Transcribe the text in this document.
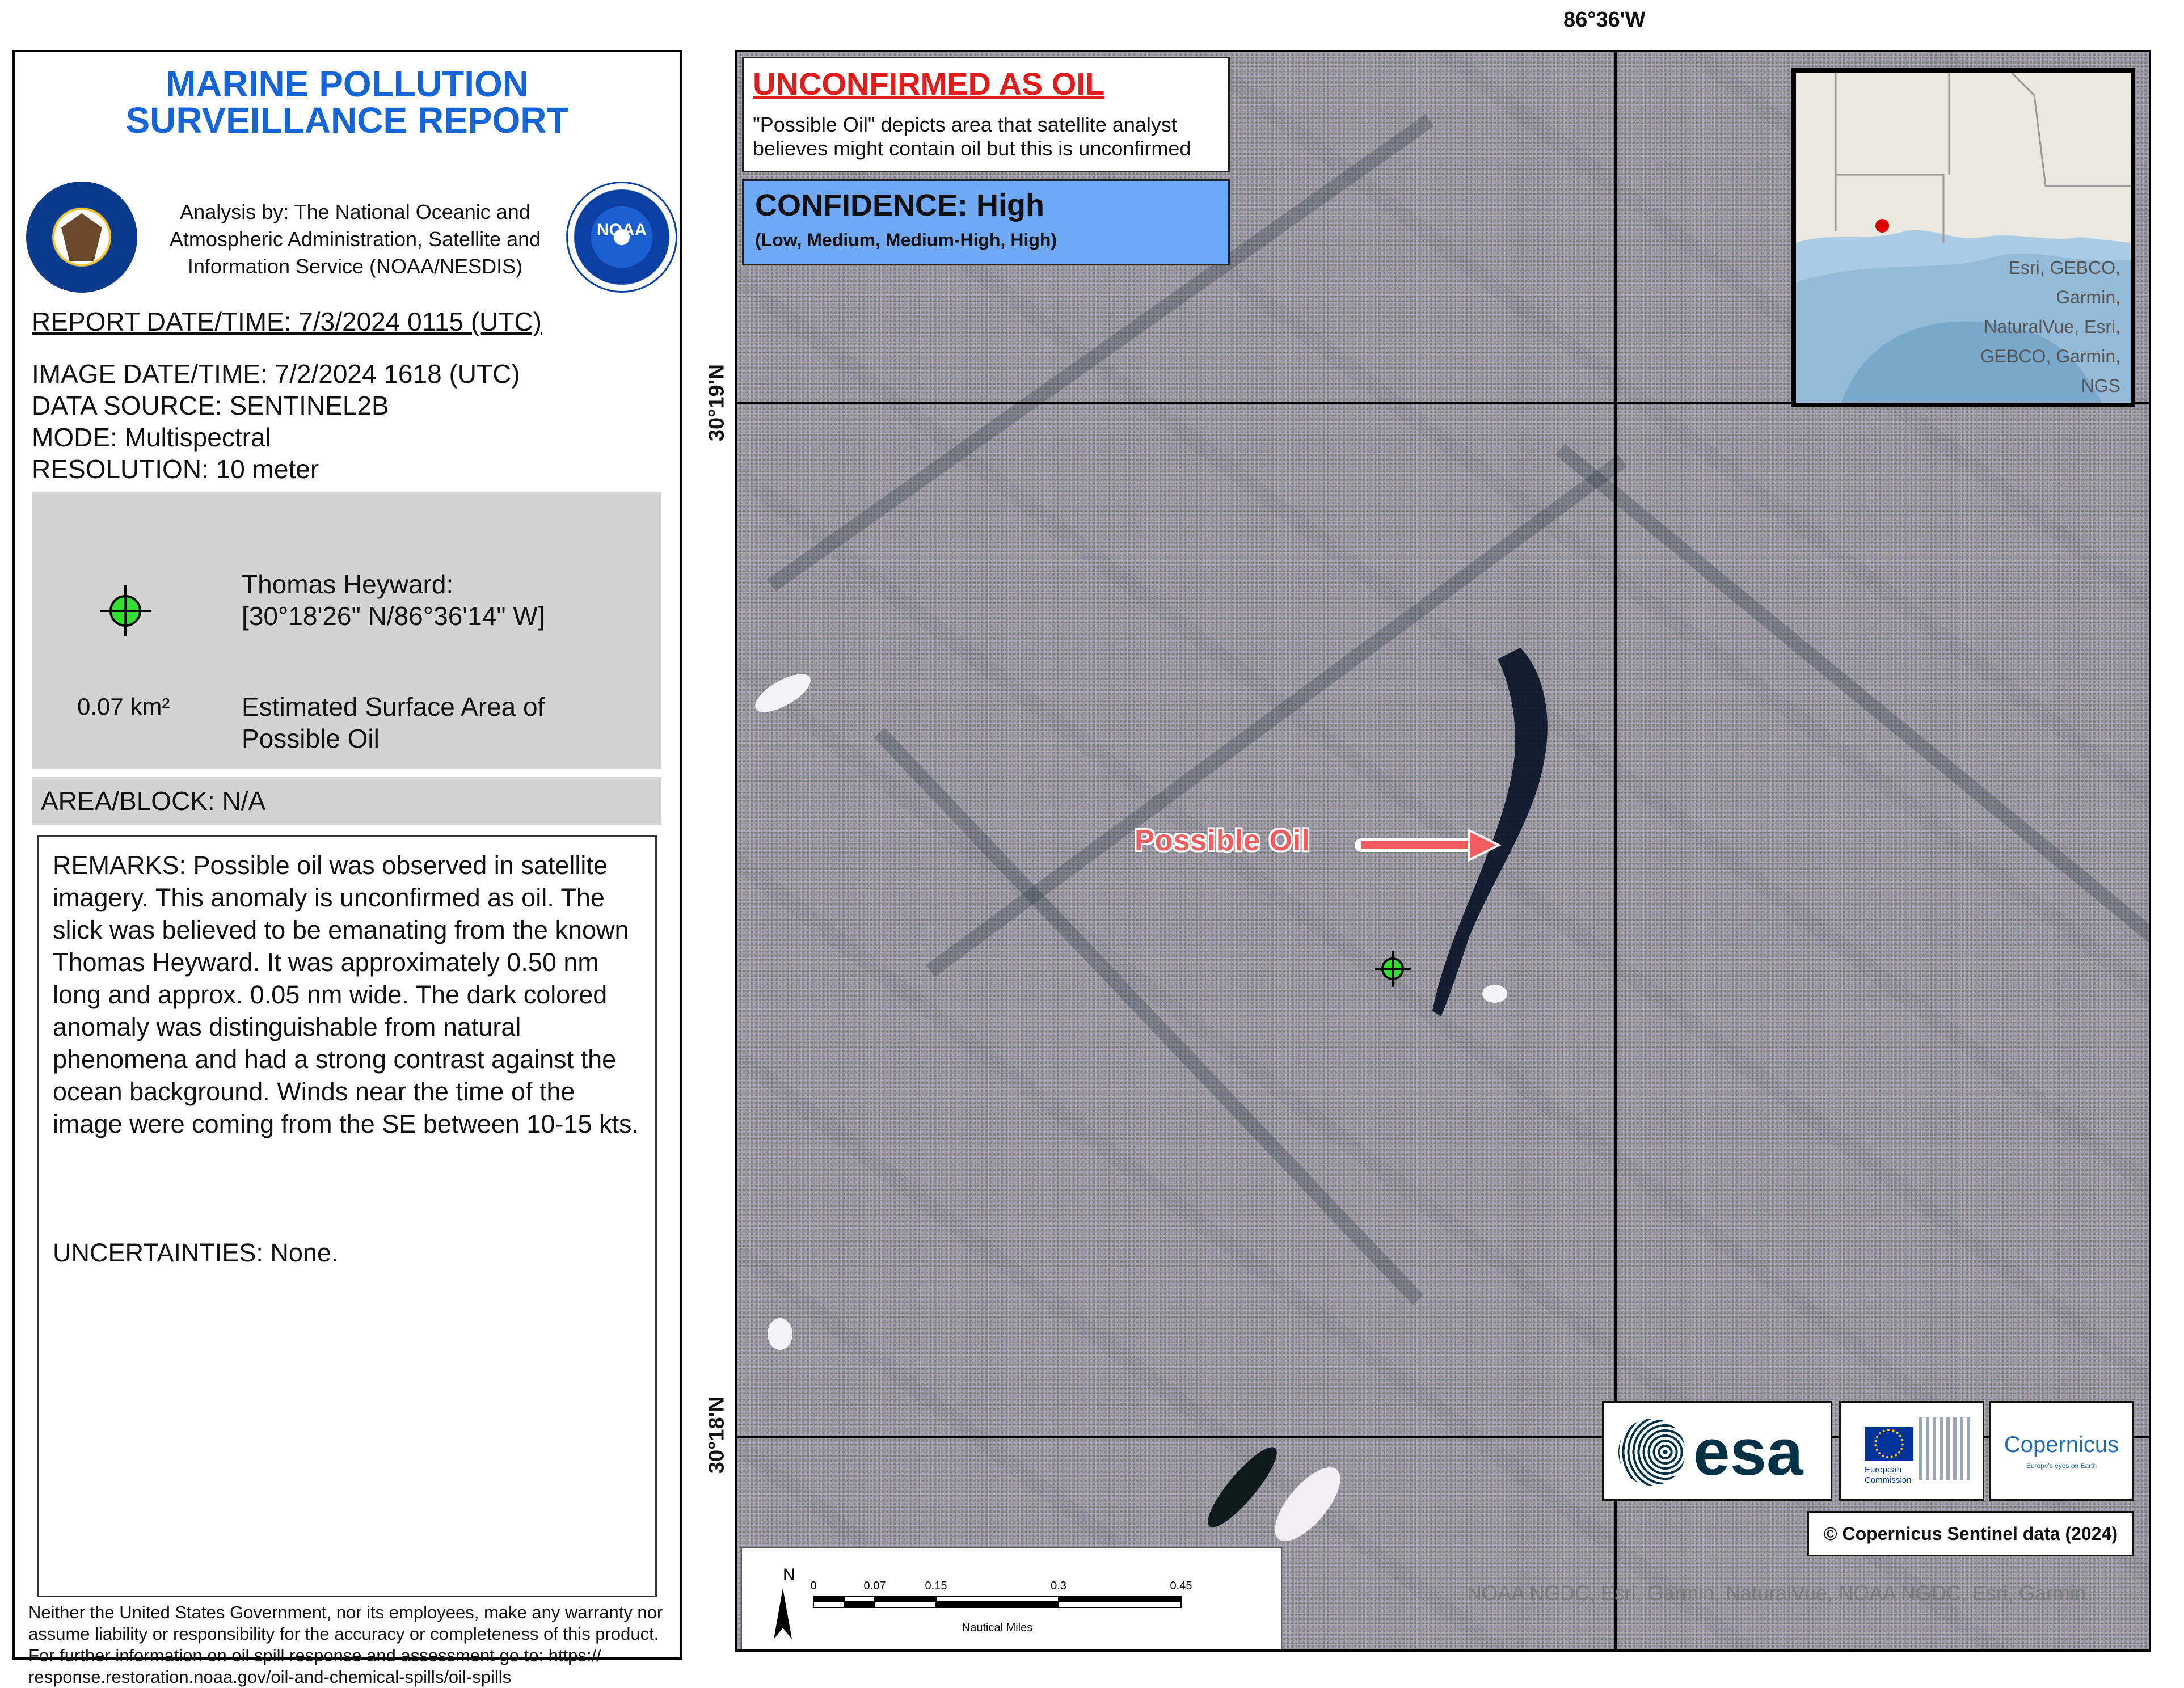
MARINE POLLUTION
SURVEILLANCE REPORT
Analysis by: The National Oceanic and Atmospheric Administration, Satellite and Information Service (NOAA/NESDIS)
NOAA
REPORT DATE/TIME: 7/3/2024 0115 (UTC)
IMAGE DATE/TIME: 7/2/2024 1618 (UTC)
DATA SOURCE: SENTINEL2B
MODE: Multispectral
RESOLUTION: 10 meter
Thomas Heyward:
[30°18'26" N/86°36'14" W]
0.07 km²	Estimated Surface Area of Possible Oil
AREA/BLOCK: N/A
REMARKS: Possible oil was observed in satellite imagery. This anomaly is unconfirmed as oil. The slick was believed to be emanating from the known Thomas Heyward. It was approximately 0.50 nm long and approx. 0.05 nm wide. The dark colored anomaly was distinguishable from natural phenomena and had a strong contrast against the ocean background. Winds near the time of the image were coming from the SE between 10-15 kts.
UNCERTAINTIES: None.
Neither the United States Government, nor its employees, make any warranty nor assume liability or responsibility for the accuracy or completeness of this product.
For further information on oil spill response and assessment go to: https://
response.restoration.noaa.gov/oil-and-chemical-spills/oil-spills
UNCONFIRMED AS OIL
"Possible Oil" depicts area that satellite analyst believes might contain oil but this is unconfirmed
CONFIDENCE: High
(Low, Medium, Medium-High, High)
Possible Oil
Esri, GEBCO, Garmin, NaturalVue, Esri, GEBCO, Garmin, NGS
esa	European
Commission
Copernicus
Europe's eyes on Earth
© Copernicus Sentinel data (2024)
N
0	0.07	0.15	0.3	0.45
Nautical Miles
NOAA NGDC, Esri, Garmin, NaturalVue, NOAA NGDC, Esri, Garmin
86°36'W
30°19'N
30°18'N
